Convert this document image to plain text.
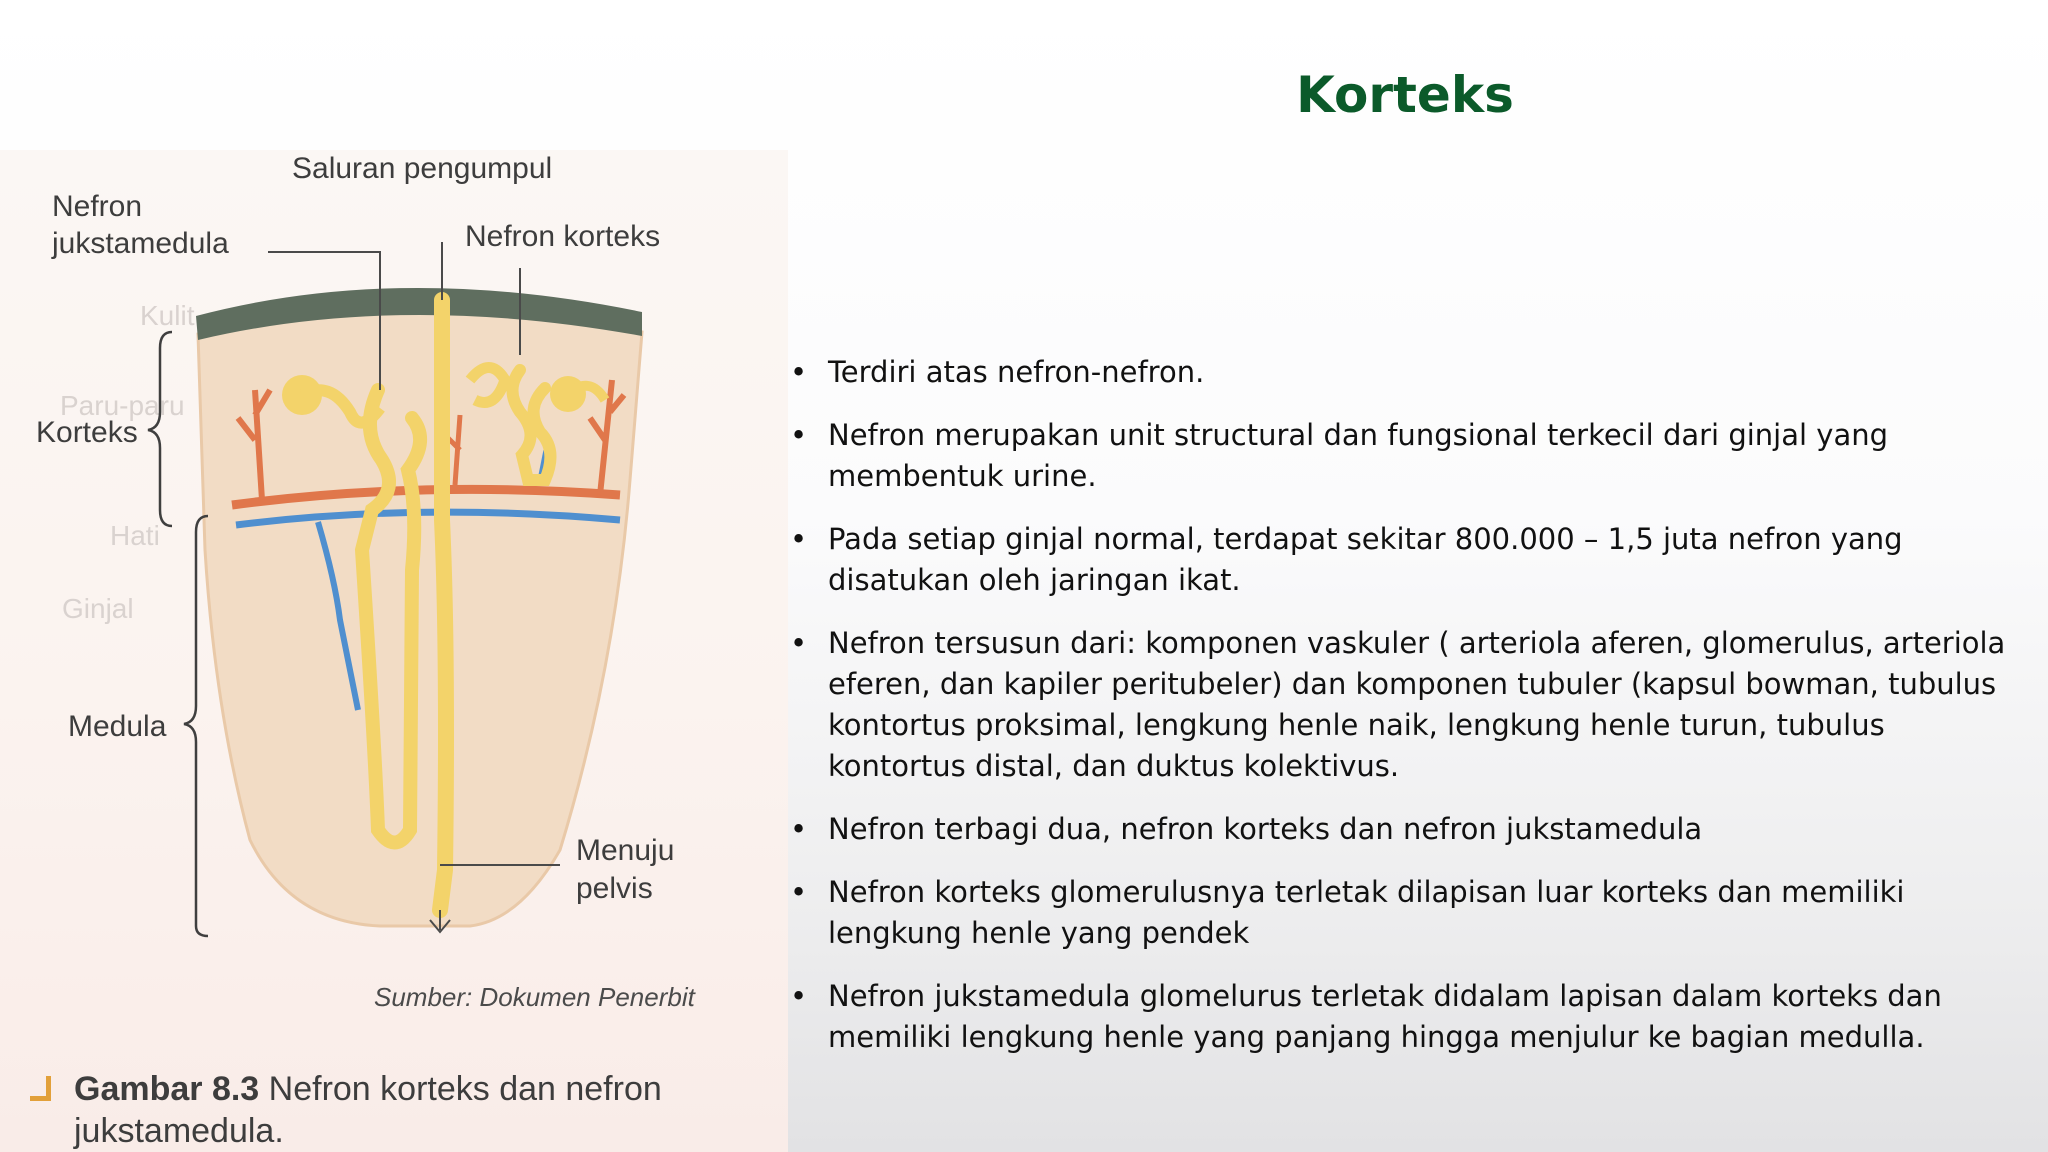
Korteks
Kulit
Paru-paru
Hati
Ginjal
Saluran pengumpul
Nefron
jukstamedula	Nefron korteks
Korteks
Medula
Menuju
pelvis
Sumber: Dokumen Penerbit
Gambar 8.3 Nefron korteks dan nefron
jukstamedula.
• Terdiri atas nefron-nefron.
• Nefron merupakan unit structural dan fungsional terkecil dari ginjal yang membentuk urine.
• Pada setiap ginjal normal, terdapat sekitar 800.000 – 1,5 juta nefron yang disatukan oleh jaringan ikat.
• Nefron tersusun dari: komponen vaskuler ( arteriola aferen, glomerulus, arteriola eferen, dan kapiler peritubeler) dan komponen tubuler (kapsul bowman, tubulus kontortus proksimal, lengkung henle naik, lengkung henle turun, tubulus kontortus distal, dan duktus kolektivus.
• Nefron terbagi dua, nefron korteks dan nefron jukstamedula
• Nefron korteks glomerulusnya terletak dilapisan luar korteks dan memiliki lengkung henle yang pendek
• Nefron jukstamedula glomelurus terletak didalam lapisan dalam korteks dan memiliki lengkung henle yang panjang hingga menjulur ke bagian medulla.
